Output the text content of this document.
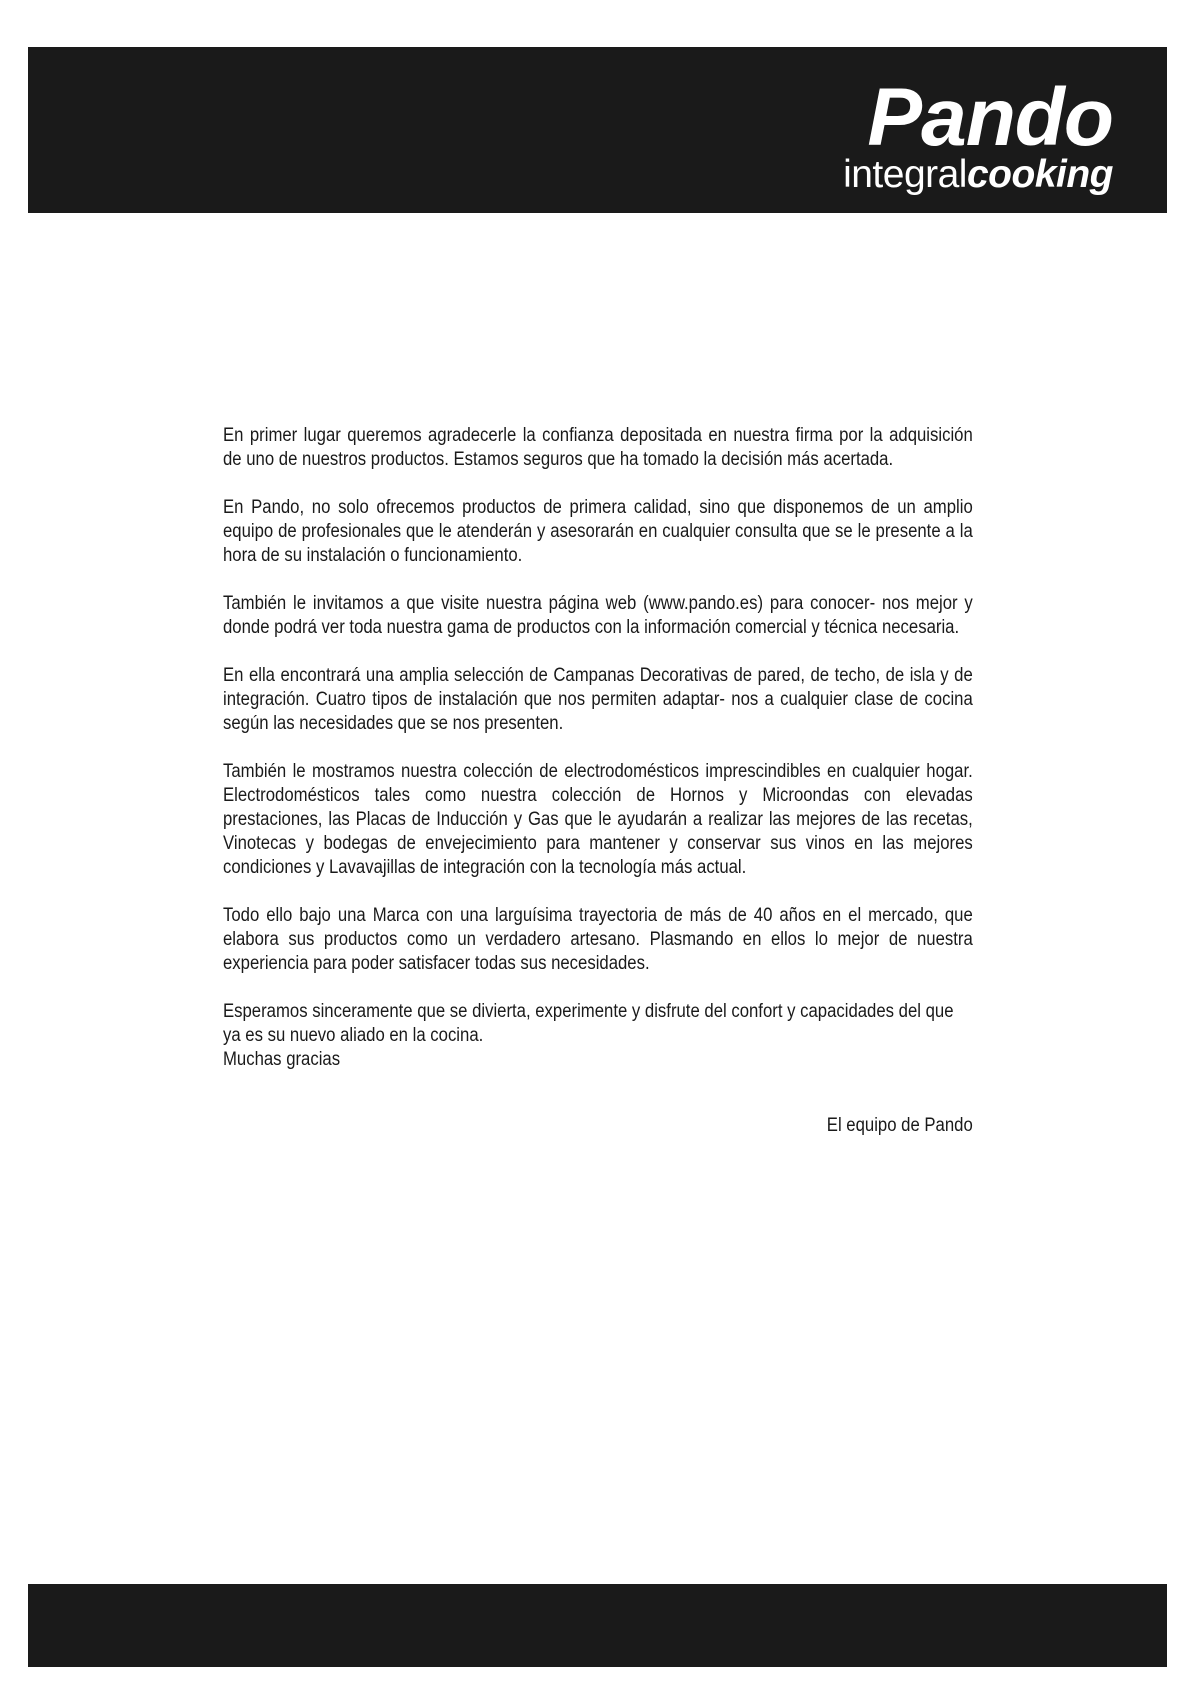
Pando
integralcooking

En primer lugar queremos agradecerle la confianza depositada en nuestra firma por la adquisición de uno de nuestros productos. Estamos seguros que ha tomado la decisión más acertada.

En Pando, no solo ofrecemos productos de primera calidad, sino que disponemos de un amplio equipo de profesionales que le atenderán y asesorarán en cualquier consulta que se le presente a la hora de su instalación o funcionamiento.

También le invitamos a que visite nuestra página web (www.pando.es) para conocer- nos mejor y donde podrá ver toda nuestra gama de productos con la información comercial y técnica necesaria.

En ella encontrará una amplia selección de Campanas Decorativas de pared, de techo, de isla y de integración. Cuatro tipos de instalación que nos permiten adaptar- nos a cualquier clase de cocina según las necesidades que se nos presenten.

También le mostramos nuestra colección de electrodomésticos imprescindibles en cualquier hogar. Electrodomésticos tales como nuestra colección de Hornos y Microondas con elevadas prestaciones, las Placas de Inducción y Gas que le ayudarán a realizar las mejores de las recetas, Vinotecas y bodegas de envejecimiento para mantener y conservar sus vinos en las mejores condiciones y Lavavajillas de integración con la tecnología más actual.

Todo ello bajo una Marca con una larguísima trayectoria de más de 40 años en el mercado, que elabora sus productos como un verdadero artesano. Plasmando en ellos lo mejor de nuestra experiencia para poder satisfacer todas sus necesidades.

Esperamos sinceramente que se divierta, experimente y disfrute del confort y capacidades del que ya es su nuevo aliado en la cocina.

Muchas gracias

El equipo de Pando
